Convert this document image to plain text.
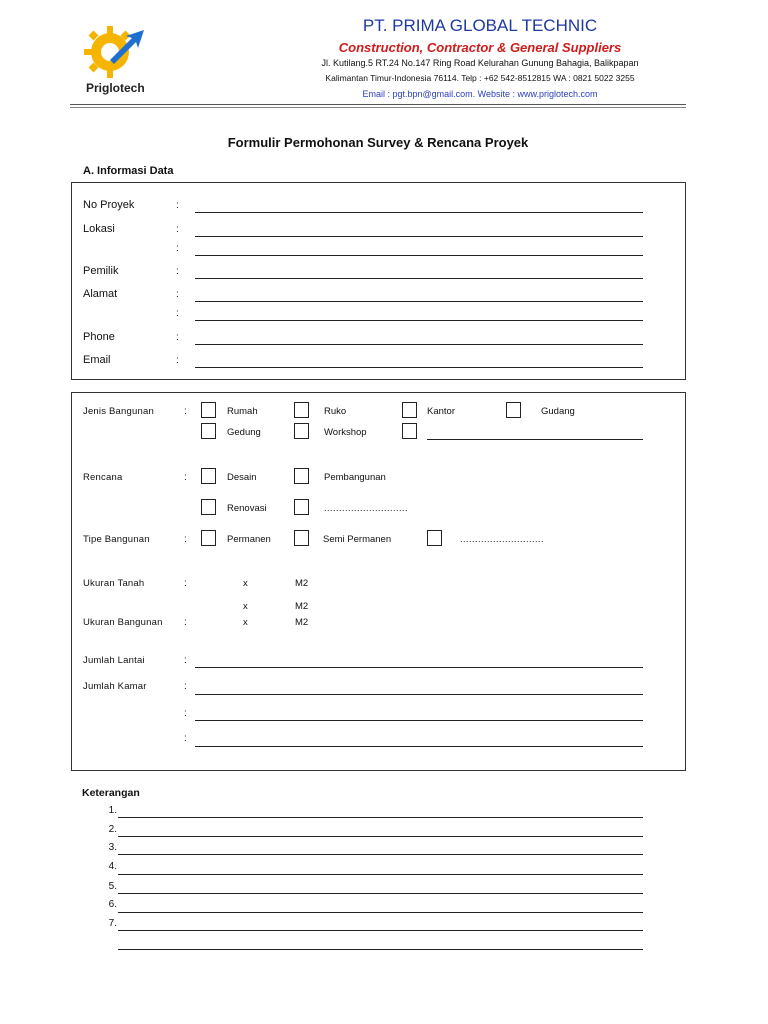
Priglotech
PT. PRIMA GLOBAL TECHNIC
Construction, Contractor & General Suppliers
Jl. Kutilang.5 RT.24 No.147 Ring Road Kelurahan Gunung Bahagia, Balikpapan
Kalimantan Timur-Indonesia 76114. Telp : +62 542-8512815 WA : 0821 5022 3255
Email : pgt.bpn@gmail.com. Website : www.priglotech.com
Formulir Permohonan Survey & Rencana Proyek
A. Informasi Data
No Proyek	:
Lokasi	:
:
Pemilik	:
Alamat	:
:
Phone	:
Email	:
Jenis Bangunan	:	Rumah	Ruko	Kantor	Gudang
Gedung	Workshop
Rencana	:	Desain	Pembangunan
Renovasi	............................
Tipe Bangunan	:	Permanen	Semi Permanen	............................
Ukuran Tanah	:	x	M2
x	M2
Ukuran Bangunan :	x	M2
Jumlah Lantai	:
Jumlah Kamar	:
:
:
Keterangan
1.
2.
3.
4.
5.
6.
7.
